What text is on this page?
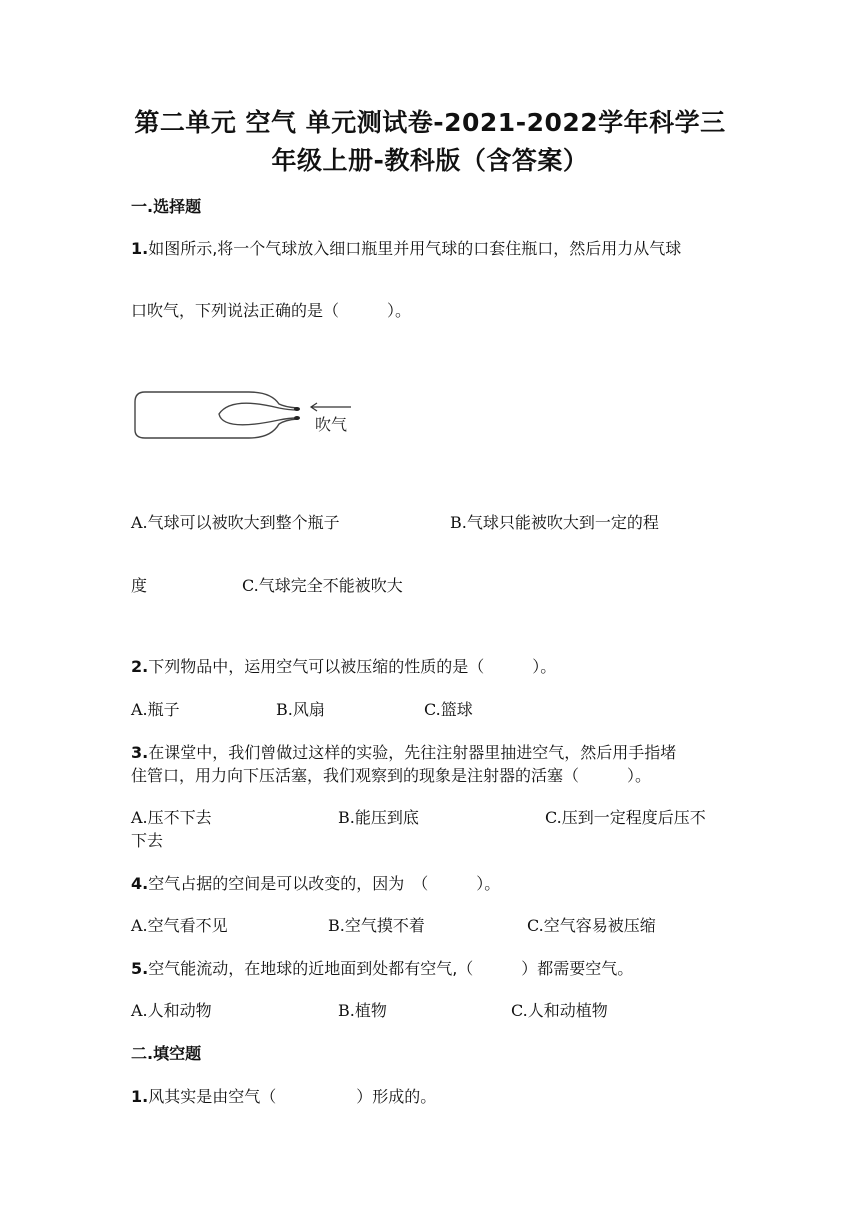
第二单元 空气 单元测试卷-2021-2022学年科学三
年级上册-教科版（含答案）
一.选择题
1.如图所示,将一个气球放入细口瓶里并用气球的口套住瓶口，然后用力从气球
口吹气，下列说法正确的是（　　　）。
吹气
A.气球可以被吹大到整个瓶子	B.气球只能被吹大到一定的程
度	C.气球完全不能被吹大
2.下列物品中，运用空气可以被压缩的性质的是（　　　）。
A.瓶子	B.风扇	C.篮球
3.在课堂中，我们曾做过这样的实验，先往注射器里抽进空气，然后用手指堵
住管口，用力向下压活塞，我们观察到的现象是注射器的活塞（　　　）。
A.压不下去	B.能压到底	C.压到一定程度后压不
下去
4.空气占据的空间是可以改变的，因为　（　　　）。
A.空气看不见	B.空气摸不着	C.空气容易被压缩
5.空气能流动，在地球的近地面到处都有空气,（　　　）都需要空气。
A.人和动物	B.植物	C.人和动植物
二.填空题
1.风其实是由空气（　　　　　）形成的。
